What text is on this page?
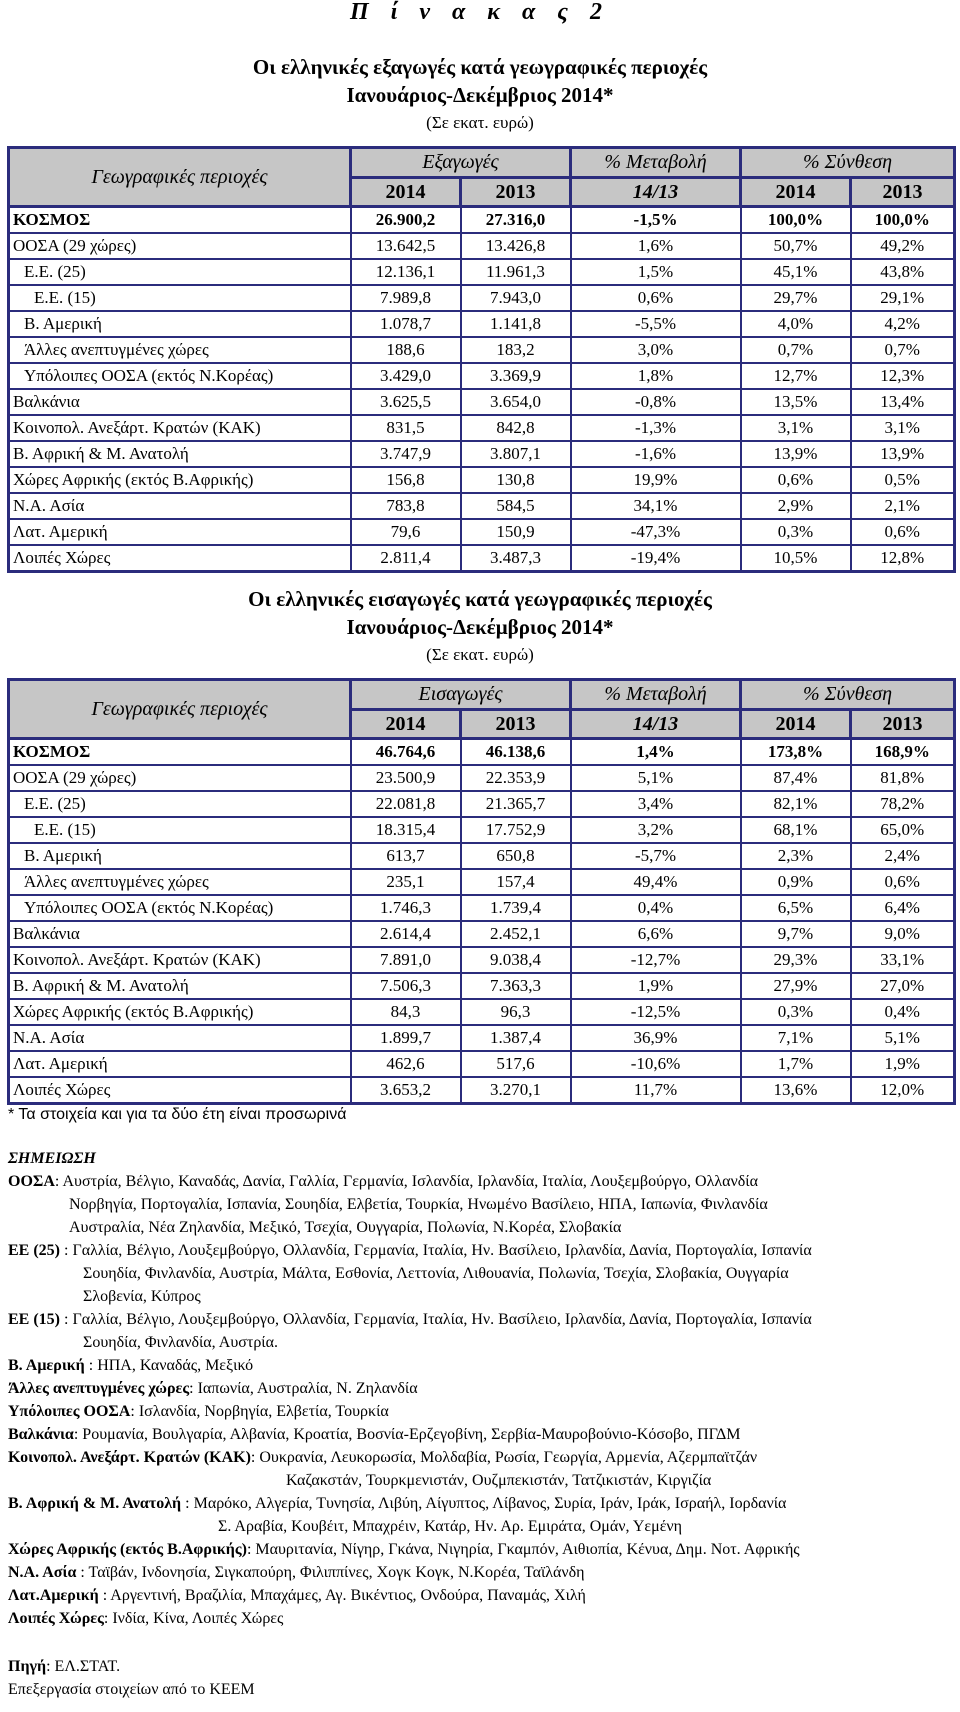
Π ί ν α κ α ς 2
Οι ελληνικές εξαγωγές κατά γεωγραφικές περιοχές
Ιανουάριος-Δεκέμβριος 2014*
(Σε εκατ. ευρώ)
Γεωγραφικές περιοχές	Εξαγωγές		% Μεταβολή	% Σύνθεση	
	2014	2013	14/13	2014	2013
ΚΟΣΜΟΣ	26.900,2	27.316,0	-1,5%	100,0%	100,0%
ΟΟΣΑ (29 χώρες)	13.642,5	13.426,8	1,6%	50,7%	49,2%
Ε.Ε. (25)	12.136,1	11.961,3	1,5%	45,1%	43,8%
Ε.Ε. (15)	7.989,8	7.943,0	0,6%	29,7%	29,1%
Β. Αμερική	1.078,7	1.141,8	-5,5%	4,0%	4,2%
Άλλες ανεπτυγμένες χώρες	188,6	183,2	3,0%	0,7%	0,7%
Υπόλοιπες ΟΟΣΑ (εκτός Ν.Κορέας)	3.429,0	3.369,9	1,8%	12,7%	12,3%
Βαλκάνια	3.625,5	3.654,0	-0,8%	13,5%	13,4%
Κοινοπολ. Ανεξάρτ. Κρατών (ΚΑΚ)	831,5	842,8	-1,3%	3,1%	3,1%
Β. Αφρική & Μ. Ανατολή	3.747,9	3.807,1	-1,6%	13,9%	13,9%
Χώρες Αφρικής (εκτός Β.Αφρικής)	156,8	130,8	19,9%	0,6%	0,5%
Ν.Α. Ασία	783,8	584,5	34,1%	2,9%	2,1%
Λατ. Αμερική	79,6	150,9	-47,3%	0,3%	0,6%
Λοιπές Χώρες	2.811,4	3.487,3	-19,4%	10,5%	12,8%
Οι ελληνικές εισαγωγές κατά γεωγραφικές περιοχές
Ιανουάριος-Δεκέμβριος 2014*
(Σε εκατ. ευρώ)
Γεωγραφικές περιοχές	Εισαγωγές		% Μεταβολή	% Σύνθεση	
	2014	2013	14/13	2014	2013
ΚΟΣΜΟΣ	46.764,6	46.138,6	1,4%	173,8%	168,9%
ΟΟΣΑ (29 χώρες)	23.500,9	22.353,9	5,1%	87,4%	81,8%
Ε.Ε. (25)	22.081,8	21.365,7	3,4%	82,1%	78,2%
Ε.Ε. (15)	18.315,4	17.752,9	3,2%	68,1%	65,0%
Β. Αμερική	613,7	650,8	-5,7%	2,3%	2,4%
Άλλες ανεπτυγμένες χώρες	235,1	157,4	49,4%	0,9%	0,6%
Υπόλοιπες ΟΟΣΑ (εκτός Ν.Κορέας)	1.746,3	1.739,4	0,4%	6,5%	6,4%
Βαλκάνια	2.614,4	2.452,1	6,6%	9,7%	9,0%
Κοινοπολ. Ανεξάρτ. Κρατών (ΚΑΚ)	7.891,0	9.038,4	-12,7%	29,3%	33,1%
Β. Αφρική & Μ. Ανατολή	7.506,3	7.363,3	1,9%	27,9%	27,0%
Χώρες Αφρικής (εκτός Β.Αφρικής)	84,3	96,3	-12,5%	0,3%	0,4%
Ν.Α. Ασία	1.899,7	1.387,4	36,9%	7,1%	5,1%
Λατ. Αμερική	462,6	517,6	-10,6%	1,7%	1,9%
Λοιπές Χώρες	3.653,2	3.270,1	11,7%	13,6%	12,0%
* Τα στοιχεία και για τα δύο έτη είναι προσωρινά
ΣΗΜΕΙΩΣΗ
ΟΟΣΑ: Αυστρία, Βέλγιο, Καναδάς, Δανία, Γαλλία, Γερμανία, Ισλανδία, Ιρλανδία, Ιταλία, Λουξεμβούργο, Ολλανδία
Νορβηγία, Πορτογαλία, Ισπανία, Σουηδία, Ελβετία, Τουρκία, Ηνωμένο Βασίλειο, ΗΠΑ, Ιαπωνία, Φινλανδία
Αυστραλία, Νέα Ζηλανδία, Μεξικό, Τσεχία, Ουγγαρία, Πολωνία, Ν.Κορέα, Σλοβακία
ΕΕ (25) : Γαλλία, Βέλγιο, Λουξεμβούργο, Ολλανδία, Γερμανία, Ιταλία, Ην. Βασίλειο, Ιρλανδία, Δανία, Πορτογαλία, Ισπανία
Σουηδία, Φινλανδία, Αυστρία, Μάλτα, Εσθονία, Λεττονία, Λιθουανία, Πολωνία, Τσεχία, Σλοβακία, Ουγγαρία
Σλοβενία, Κύπρος
ΕΕ (15) : Γαλλία, Βέλγιο, Λουξεμβούργο, Ολλανδία, Γερμανία, Ιταλία, Ην. Βασίλειο, Ιρλανδία, Δανία, Πορτογαλία, Ισπανία
Σουηδία, Φινλανδία, Αυστρία.
Β. Αμερική : ΗΠΑ, Καναδάς, Μεξικό
Άλλες ανεπτυγμένες χώρες: Ιαπωνία, Αυστραλία, Ν. Ζηλανδία
Υπόλοιπες ΟΟΣΑ: Ισλανδία, Νορβηγία, Ελβετία, Τουρκία
Βαλκάνια: Ρουμανία, Βουλγαρία, Αλβανία, Κροατία, Βοσνία-Ερζεγοβίνη, Σερβία-Μαυροβούνιο-Κόσοβο, ΠΓΔΜ
Κοινοπολ. Ανεξάρτ. Κρατών (ΚΑΚ): Ουκρανία, Λευκορωσία, Μολδαβία, Ρωσία, Γεωργία, Αρμενία, Αζερμπαϊτζάν
Καζακστάν, Τουρκμενιστάν, Ουζμπεκιστάν, Τατζικιστάν, Κιργιζία
Β. Αφρική & Μ. Ανατολή : Μαρόκο, Αλγερία, Τυνησία, Λιβύη, Αίγυπτος, Λίβανος, Συρία, Ιράν, Ιράκ, Ισραήλ, Ιορδανία
Σ. Αραβία, Κουβέιτ, Μπαχρέιν, Κατάρ, Ην. Αρ. Εμιράτα, Ομάν, Υεμένη
Χώρες Αφρικής (εκτός Β.Αφρικής): Μαυριτανία, Νίγηρ, Γκάνα, Νιγηρία, Γκαμπόν, Αιθιοπία, Κένυα, Δημ. Νοτ. Αφρικής
Ν.Α. Ασία : Ταϊβάν, Ινδονησία, Σιγκαπούρη, Φιλιππίνες, Χογκ Κογκ, Ν.Κορέα, Ταϊλάνδη
Λατ.Αμερική : Αργεντινή, Βραζιλία, Μπαχάμες, Αγ. Βικέντιος, Ονδούρα, Παναμάς, Χιλή
Λοιπές Χώρες: Ινδία, Κίνα, Λοιπές Χώρες
Πηγή: ΕΛ.ΣΤΑΤ.
Επεξεργασία στοιχείων από το ΚΕΕΜ
